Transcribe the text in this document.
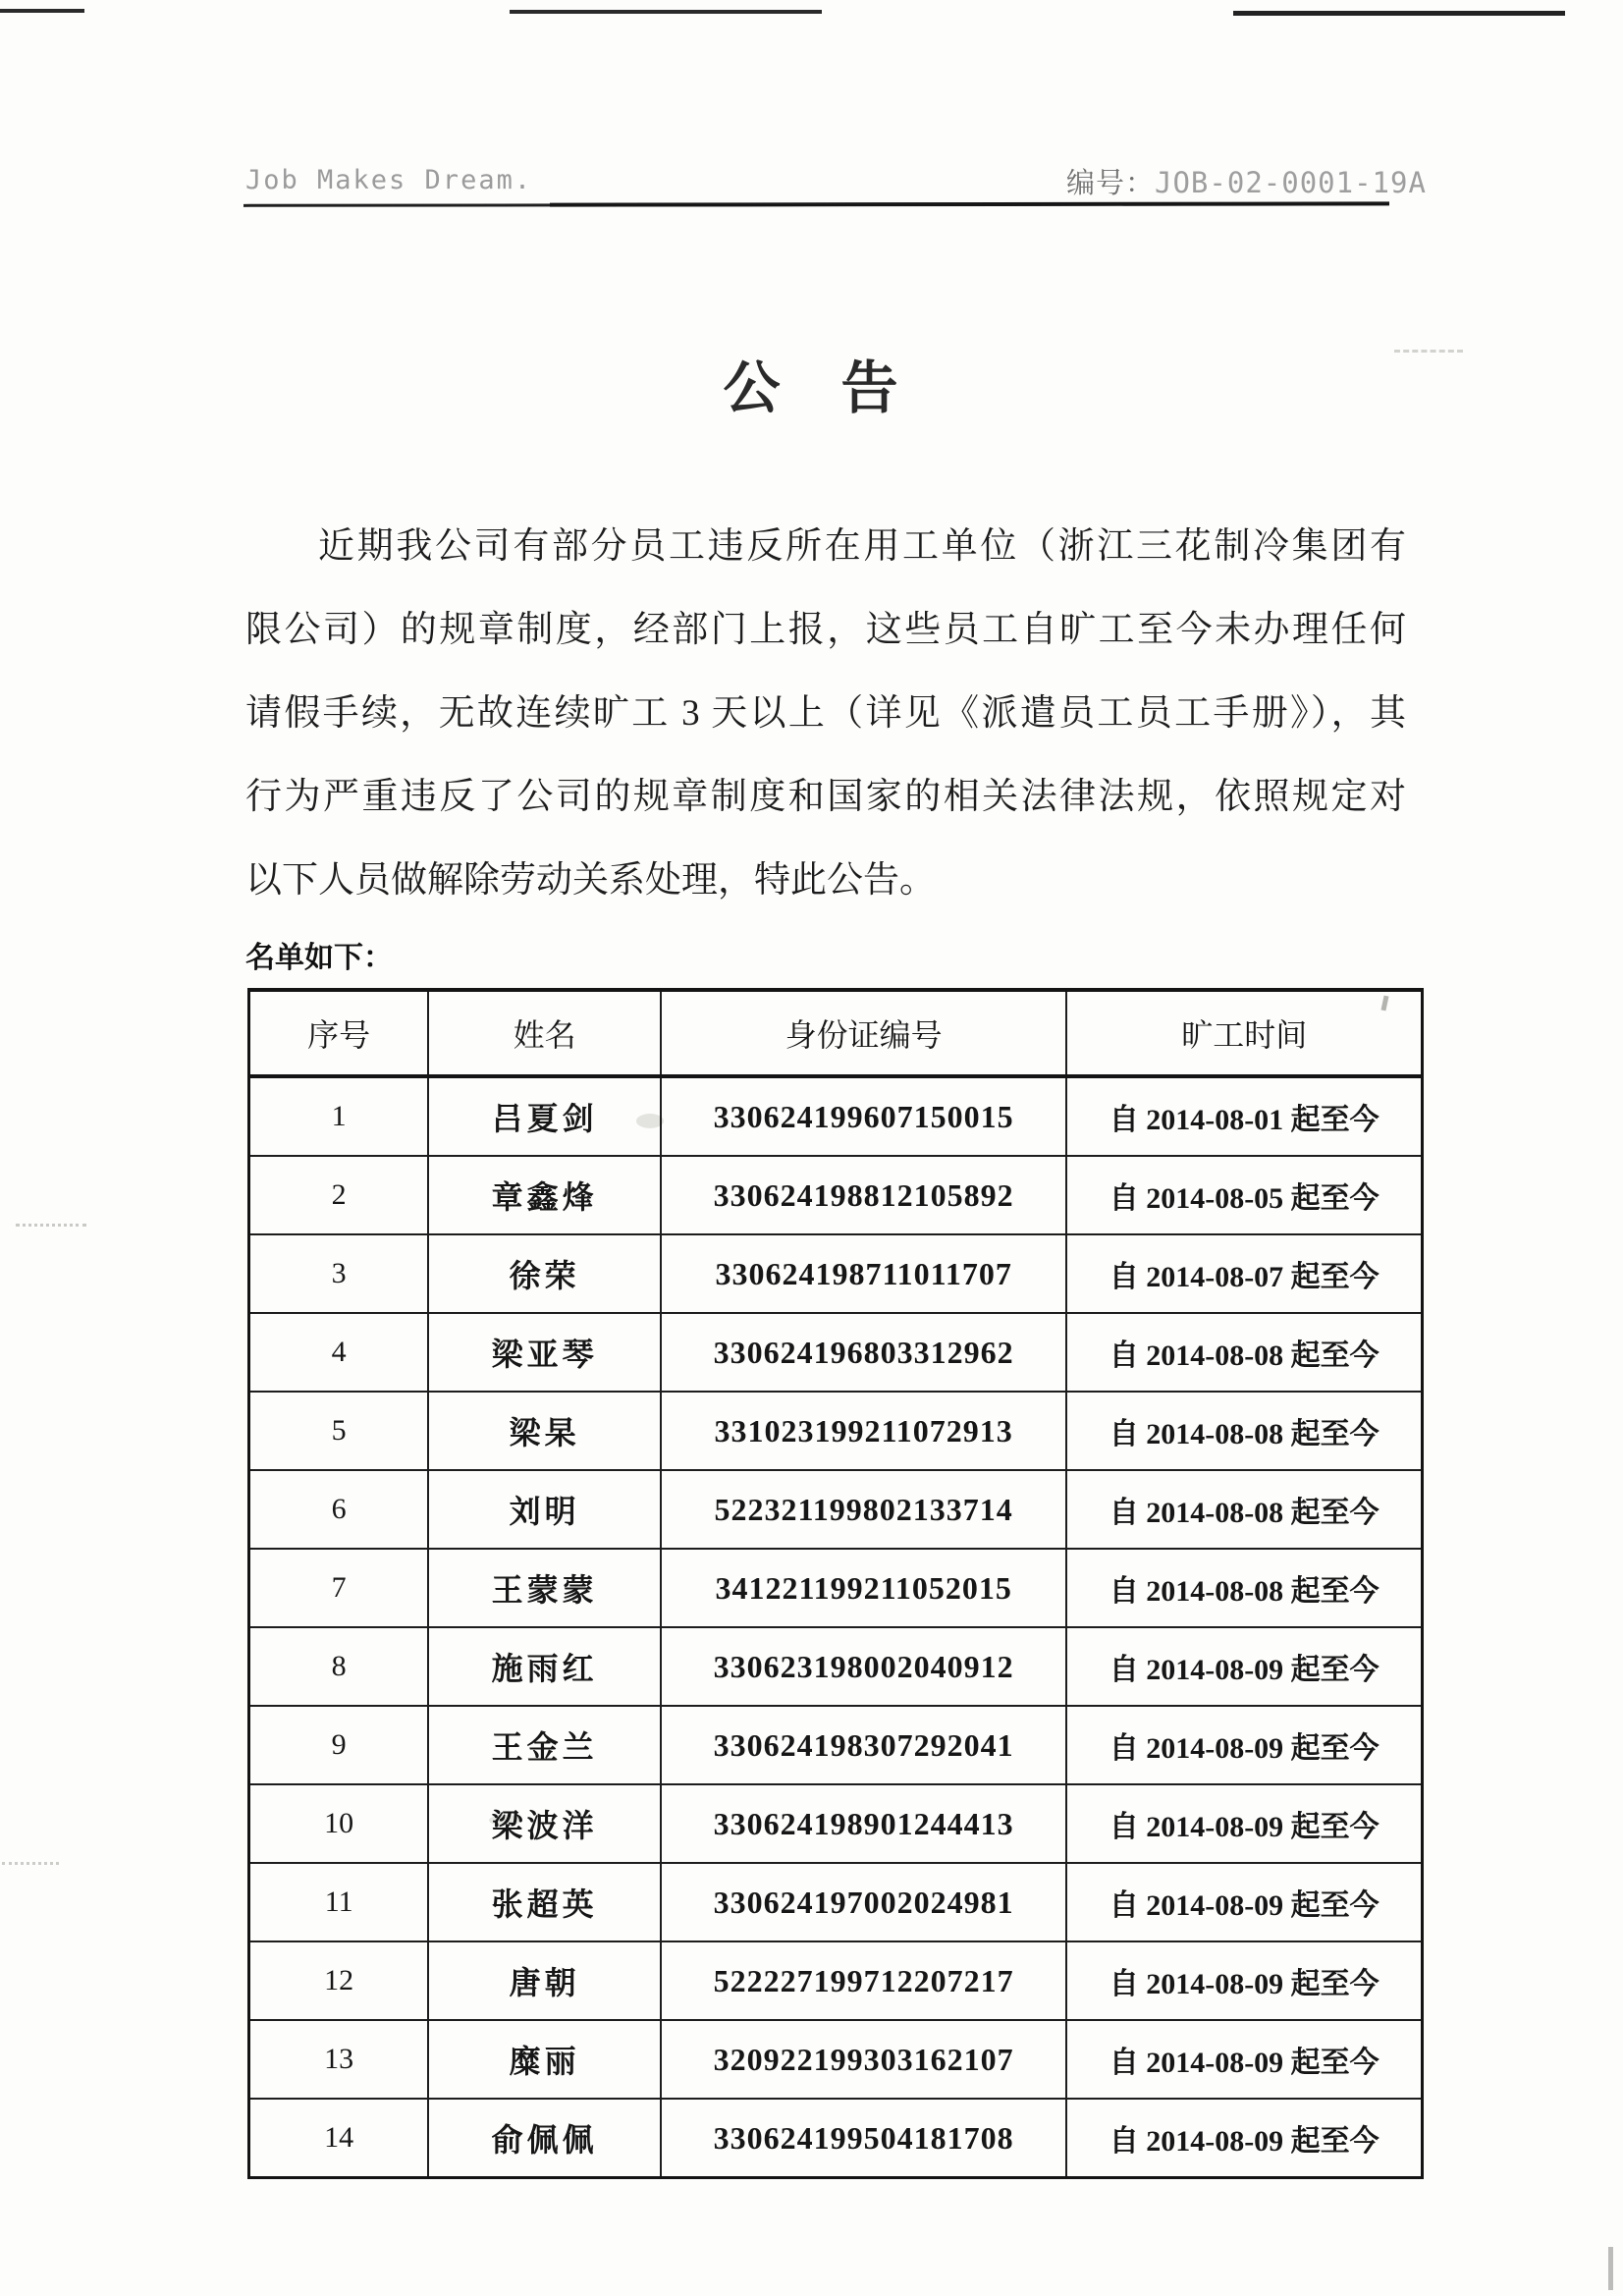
Job Makes Dream.	编号：JOB-02-0001-19A
公　告
近期我公司有部分员工违反所在用工单位（浙江三花制冷集团有
限公司）的规章制度，经部门上报，这些员工自旷工至今未办理任何
请假手续，无故连续旷工 3 天以上（详见《派遣员工员工手册》），其
行为严重违反了公司的规章制度和国家的相关法律法规，依照规定对
以下人员做解除劳动关系处理，特此公告。
名单如下：
序号	姓名	身份证编号	旷工时间
1	吕夏剑	330624199607150015	自 2014-08-01 起至今
2	章鑫烽	330624198812105892	自 2014-08-05 起至今
3	徐荣	330624198711011707	自 2014-08-07 起至今
4	梁亚琴	330624196803312962	自 2014-08-08 起至今
5	梁杲	331023199211072913	自 2014-08-08 起至今
6	刘明	522321199802133714	自 2014-08-08 起至今
7	王蒙蒙	341221199211052015	自 2014-08-08 起至今
8	施雨红	330623198002040912	自 2014-08-09 起至今
9	王金兰	330624198307292041	自 2014-08-09 起至今
10	梁波洋	330624198901244413	自 2014-08-09 起至今
11	张超英	330624197002024981	自 2014-08-09 起至今
12	唐朝	522227199712207217	自 2014-08-09 起至今
13	糜丽	320922199303162107	自 2014-08-09 起至今
14	俞佩佩	330624199504181708	自 2014-08-09 起至今
